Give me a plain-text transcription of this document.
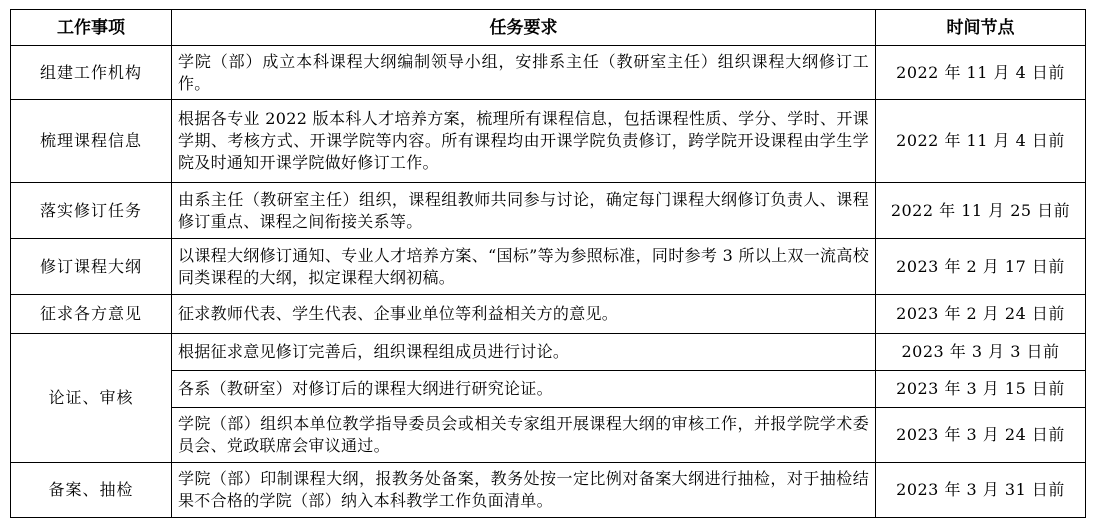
工作事项	任务要求	时间节点
组建工作机构	学院（部）成立本科课程大纲编制领导小组，安排系主任（教研室主任）组织课程大纲修订工作。	2022 年 11 月 4 日前
梳理课程信息	根据各专业 2022 版本科人才培养方案，梳理所有课程信息，包括课程性质、学分、学时、开课学期、考核方式、开课学院等内容。所有课程均由开课学院负责修订，跨学院开设课程由学生学院及时通知开课学院做好修订工作。	2022 年 11 月 4 日前
落实修订任务	由系主任（教研室主任）组织，课程组教师共同参与讨论，确定每门课程大纲修订负责人、课程修订重点、课程之间衔接关系等。	2022 年 11 月 25 日前
修订课程大纲	以课程大纲修订通知、专业人才培养方案、“国标”等为参照标准，同时参考 3 所以上双一流高校同类课程的大纲，拟定课程大纲初稿。	2023 年 2 月 17 日前
征求各方意见	征求教师代表、学生代表、企事业单位等利益相关方的意见。	2023 年 2 月 24 日前
论证、审核	根据征求意见修订完善后，组织课程组成员进行讨论。	2023 年 3 月 3 日前
	各系（教研室）对修订后的课程大纲进行研究论证。	2023 年 3 月 15 日前
	学院（部）组织本单位教学指导委员会或相关专家组开展课程大纲的审核工作，并报学院学术委员会、党政联席会审议通过。	2023 年 3 月 24 日前
备案、抽检	学院（部）印制课程大纲，报教务处备案，教务处按一定比例对备案大纲进行抽检，对于抽检结果不合格的学院（部）纳入本科教学工作负面清单。	2023 年 3 月 31 日前
